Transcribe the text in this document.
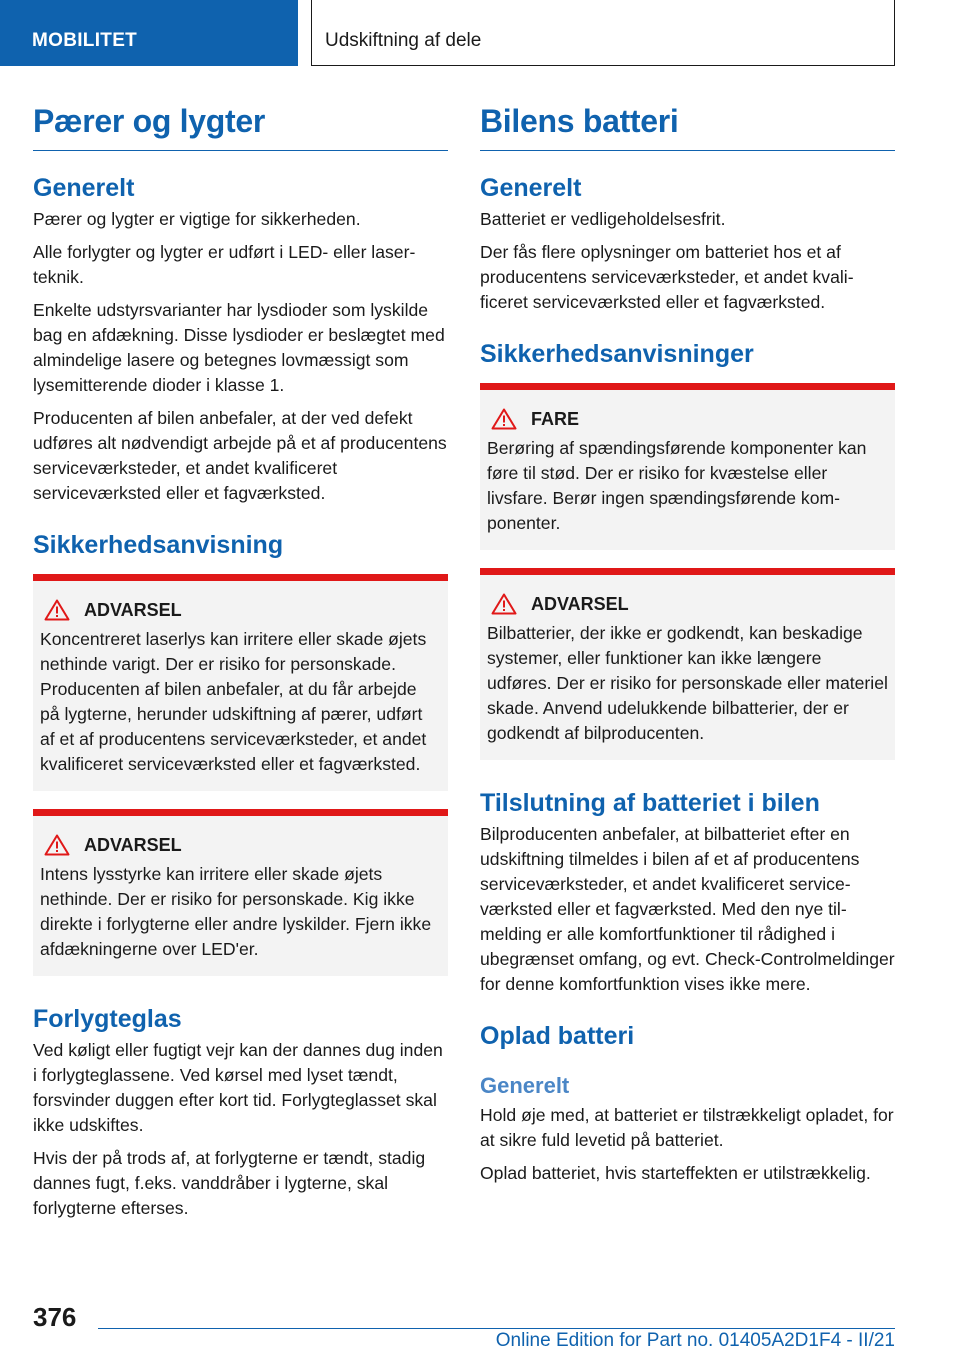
MOBILITET	Udskiftning af dele
Pærer og lygter
Generelt

Pærer og lygter er vigtige for sikkerheden.

Alle forlygter og lygter er udført i LED- eller laserteknik.

Enkelte udstyrsvarianter har lysdioder som lyskilde bag en afdækning. Disse lysdioder er beslægtet med almindelige lasere og betegnes lovmæssigt som lysemitterende dioder i klasse 1.

Producenten af bilen anbefaler, at der ved defekt udføres alt nødvendigt arbejde på et af producentens serviceværksteder, et andet kvalificeret serviceværksted eller et fagværksted.

Sikkerhedsanvisning
ADVARSEL

Koncentreret laserlys kan irritere eller skade øjets nethinde varigt. Der er risiko for personskade. Producenten af bilen anbefaler, at du får arbejde på lygterne, herunder udskiftning af pærer, udført af et af producentens serviceværksteder, et andet kvalificeret serviceværksted eller et fagværksted.

ADVARSEL

Intens lysstyrke kan irritere eller skade øjets nethinde. Der er risiko for personskade. Kig ikke direkte i forlygterne eller andre lyskilder. Fjern ikke afdækningerne over LED'er.

Forlygteglas

Ved køligt eller fugtigt vejr kan der dannes dug inden i forlygteglassene. Ved kørsel med lyset tændt, forsvinder duggen efter kort tid. Forlygteglasset skal ikke udskiftes.

Hvis der på trods af, at forlygterne er tændt, stadig dannes fugt, f.eks. vanddråber i lygterne, skal forlygterne efterses.

Bilens batteri
Generelt

Batteriet er vedligeholdelsesfrit.

Der fås flere oplysninger om batteriet hos et af producentens serviceværksteder, et andet kvalificeret serviceværksted eller et fagværksted.

Sikkerhedsanvisninger
FARE

Berøring af spændingsførende komponenter kan føre til stød. Der er risiko for kvæstelse eller livsfare. Berør ingen spændingsførende komponenter.

ADVARSEL

Bilbatterier, der ikke er godkendt, kan beskadige systemer, eller funktioner kan ikke længere udføres. Der er risiko for personskade eller materiel skade. Anvend udelukkende bilbatterier, der er godkendt af bilproducenten.

Tilslutning af batteriet i bilen

Bilproducenten anbefaler, at bilbatteriet efter en udskiftning tilmeldes i bilen af et af producentens serviceværksteder, et andet kvalificeret serviceværksted eller et fagværksted. Med den nye tilmelding er alle komfortfunktioner til rådighed i ubegrænset omfang, og evt. Check-Controlmeldinger for denne komfortfunktion vises ikke mere.

Oplad batteri
Generelt

Hold øje med, at batteriet er tilstrækkeligt opladet, for at sikre fuld levetid på batteriet.

Oplad batteriet, hvis starteffekten er utilstrækkelig.

376
Online Edition for Part no. 01405A2D1F4 - II/21
